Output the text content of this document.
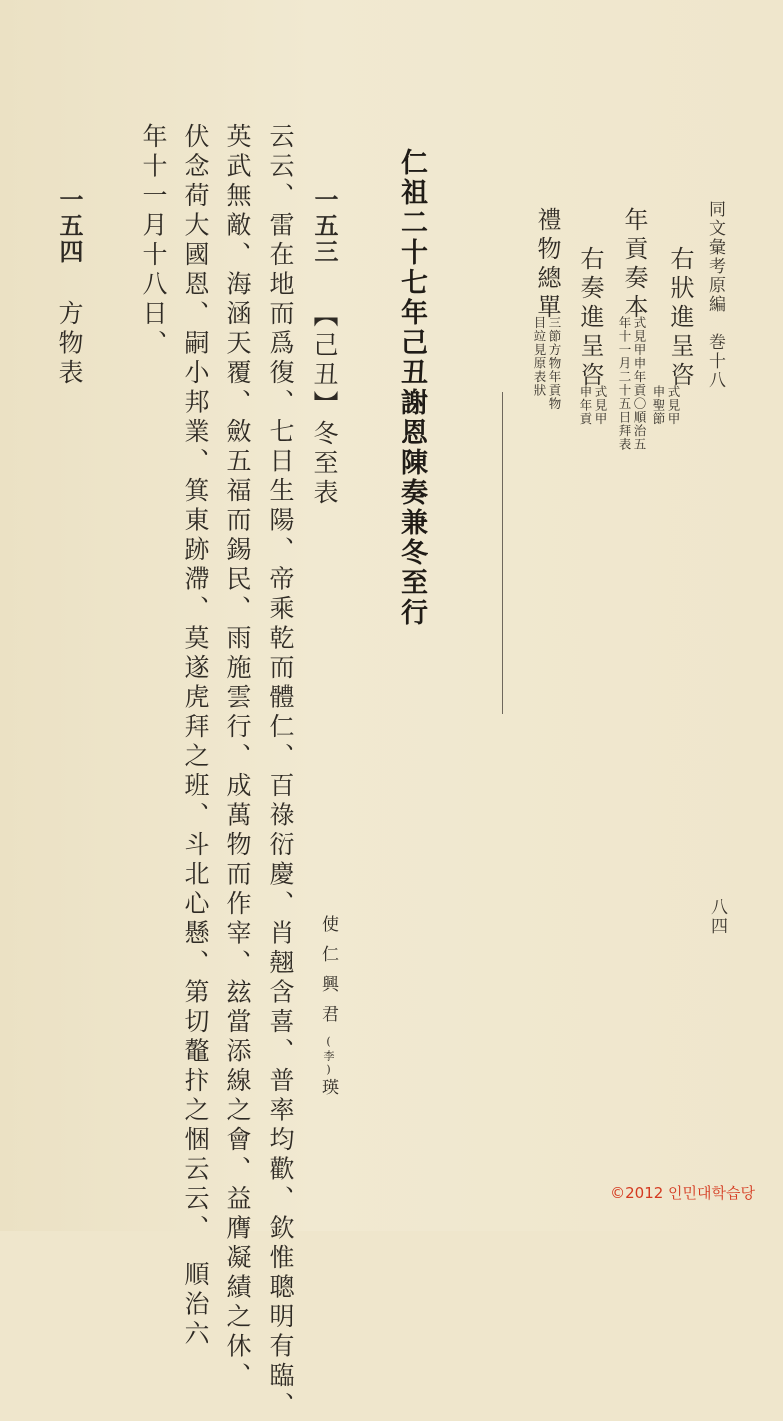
同文彙考原編　巻十八
右狀進呈咨
式見甲
申聖節
年貢奏本
式見甲申年貢〇順治五
年十一月二十五日拜表
右奏進呈咨
式見甲
申年貢
禮物總單
三節方物年貢物
目竝見原表狀
仁祖二十七年己丑謝恩陳奏兼冬至行
一五三 【己丑】冬至表
使仁興君(李)瑛
云云、雷在地而爲復、七日生陽、帝乘乾而體仁、百祿衍慶、肖翹含喜、普率均歡、欽惟聰明有臨、
英武無敵、海涵天覆、斂五福而錫民、雨施雲行、成萬物而作宰、玆當添線之會、益膺凝績之休、
伏念荷大國恩、嗣小邦業、箕東跡滯、莫遂虎拜之班、斗北心懸、第切鼇抃之悃云云、　順治六
年十一月十八日、
一五四 方物表
八四
©2012 인민대학습당
